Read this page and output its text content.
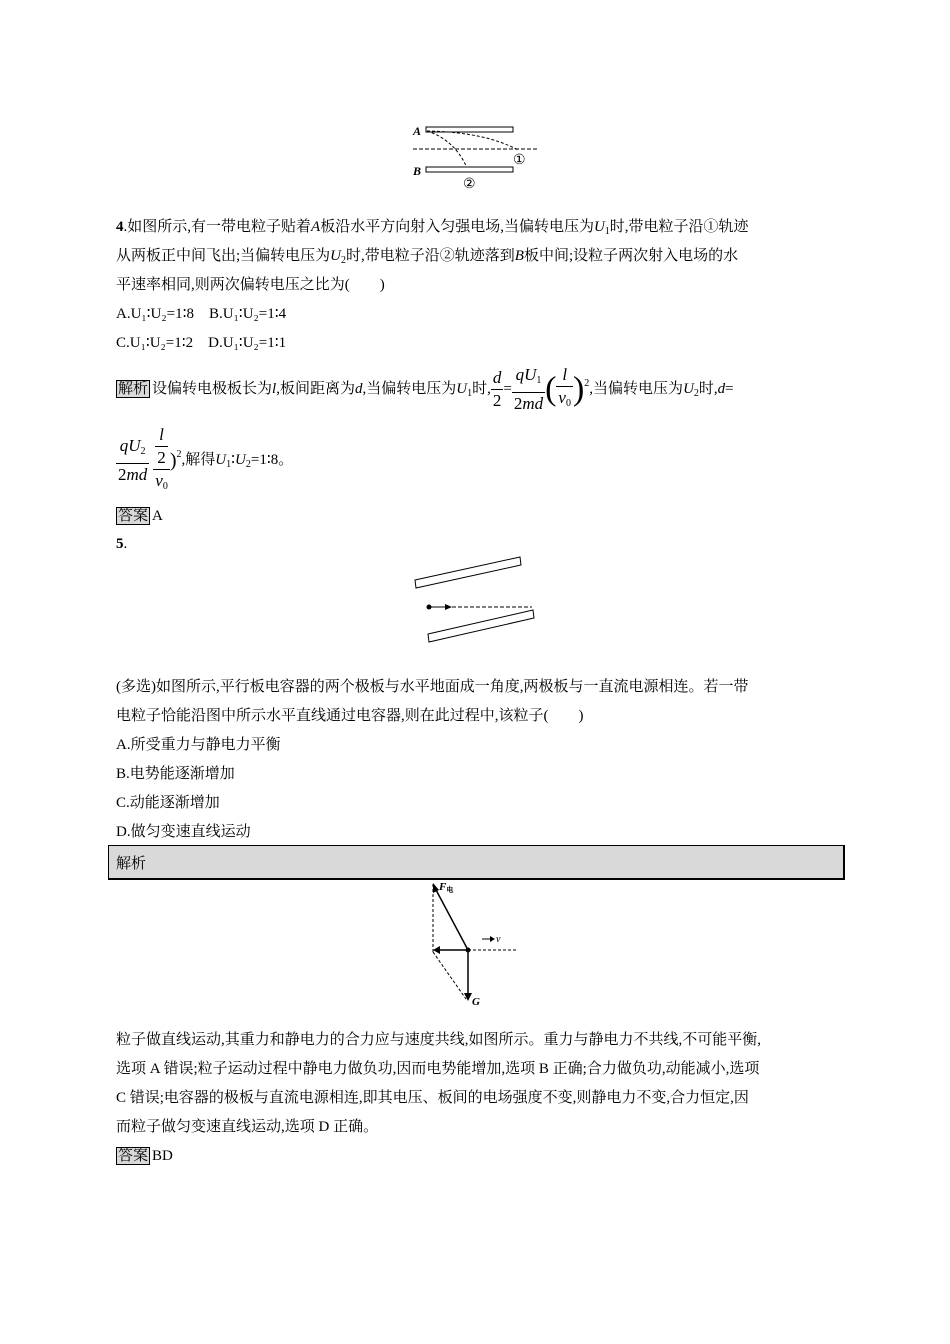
A
①
B
②
4.如图所示,有一带电粒子贴着A板沿水平方向射入匀强电场,当偏转电压为$U_1$时,带电粒子沿①轨迹
从两板正中间飞出;当偏转电压为$U_2$时,带电粒子沿②轨迹落到B板中间;设粒子两次射入电场的水
平速率相同,则两次偏转电压之比为(　　)
A.U₁∶U₂=1∶8 B.U₁∶U₂=1∶4
C.U₁∶U₂=1∶2 D.U₁∶U₂=1∶1
解析 设偏转电极板长为l,板间距离为d,当偏转电压为$U_1$时, $\frac{d}{2} = \frac{qU_1}{2md}$ ( $\frac{l}{v_0} )^2$,当偏转电压为$U_2$时,d=
$\frac{qU_2}{2md} \frac{\frac{l}{2}}{v_0} )^2$,解得$U_1∶U_2=1∶8$。
答案 A
5.
(多选)如图所示,平行板电容器的两个极板与水平地面成一角度,两极板与一直流电源相连。若一带
电粒子恰能沿图中所示水平直线通过电容器,则在此过程中,该粒子(　　)
A.所受重力与静电力平衡
B.电势能逐渐增加
C.动能逐渐增加
D.做匀变速直线运动
解析
F电
v
G
粒子做直线运动,其重力和静电力的合力应与速度共线,如图所示。重力与静电力不共线,不可能平衡,
选项 A 错误;粒子运动过程中静电力做负功,因而电势能增加,选项 B 正确;合力做负功,动能减小,选项
C 错误;电容器的极板与直流电源相连,即其电压、板间的电场强度不变,则静电力不变,合力恒定,因
而粒子做匀变速直线运动,选项 D 正确。
答案 BD
